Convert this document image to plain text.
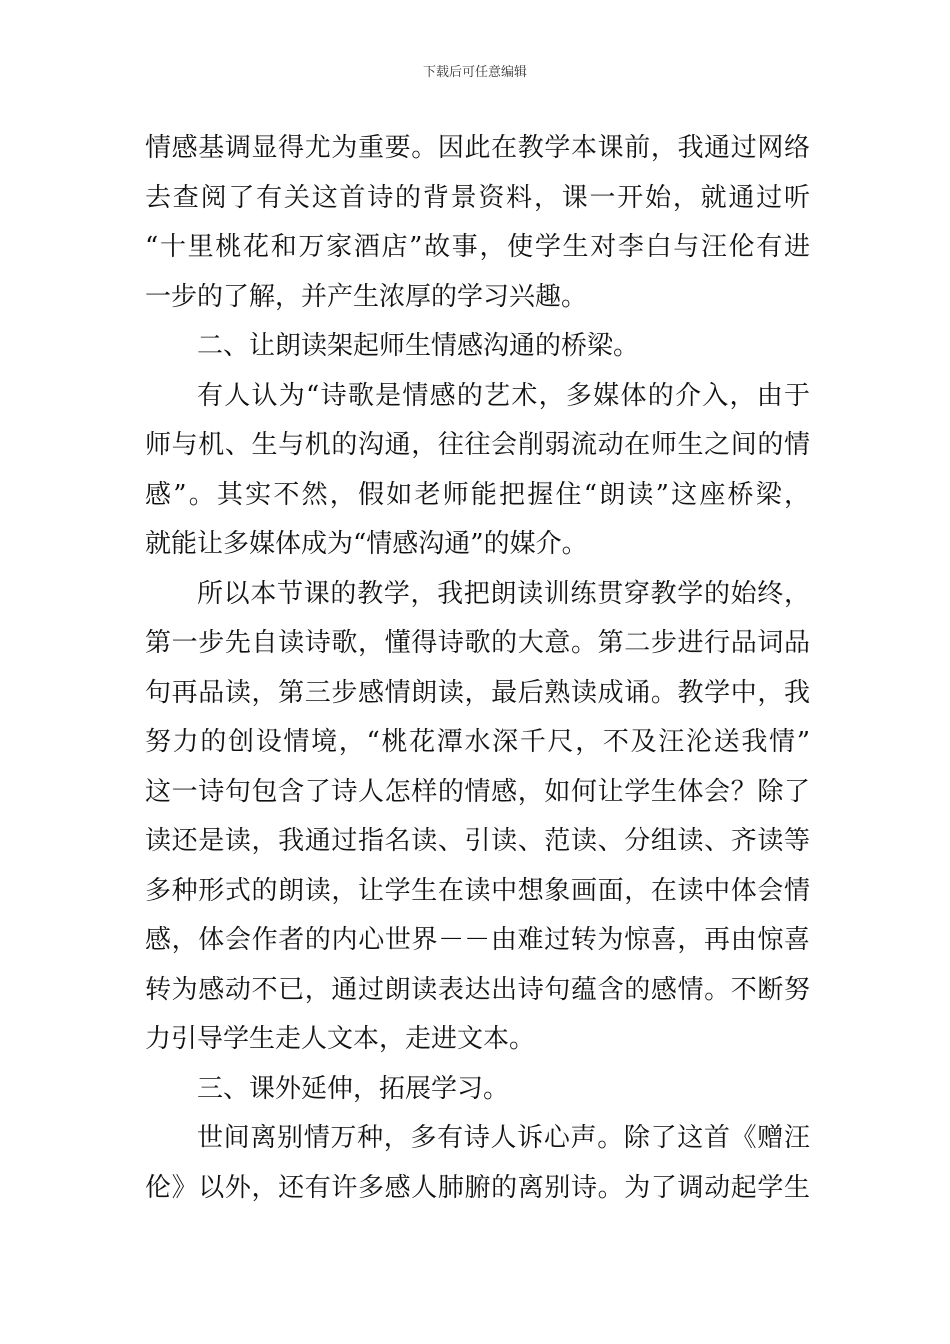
下载后可任意编辑
情感基调显得尤为重要。因此在教学本课前，我通过网络
去查阅了有关这首诗的背景资料，课一开始，就通过听
“十里桃花和万家酒店”故事，使学生对李白与汪伦有进
一步的了解，并产生浓厚的学习兴趣。
二、让朗读架起师生情感沟通的桥梁。
有人认为“诗歌是情感的艺术，多媒体的介入，由于
师与机、生与机的沟通，往往会削弱流动在师生之间的情
感”。其实不然，假如老师能把握住“朗读”这座桥梁，
就能让多媒体成为“情感沟通”的媒介。
所以本节课的教学，我把朗读训练贯穿教学的始终，
第一步先自读诗歌，懂得诗歌的大意。第二步进行品词品
句再品读，第三步感情朗读，最后熟读成诵。教学中，我
努力的创设情境，“桃花潭水深千尺，不及汪沦送我情”
这一诗句包含了诗人怎样的情感，如何让学生体会？除了
读还是读，我通过指名读、引读、范读、分组读、齐读等
多种形式的朗读，让学生在读中想象画面，在读中体会情
感，体会作者的内心世界－－由难过转为惊喜，再由惊喜
转为感动不已，通过朗读表达出诗句蕴含的感情。不断努
力引导学生走人文本，走进文本。
三、课外延伸，拓展学习。
世间离别情万种，多有诗人诉心声。除了这首《赠汪
伦》以外，还有许多感人肺腑的离别诗。为了调动起学生
